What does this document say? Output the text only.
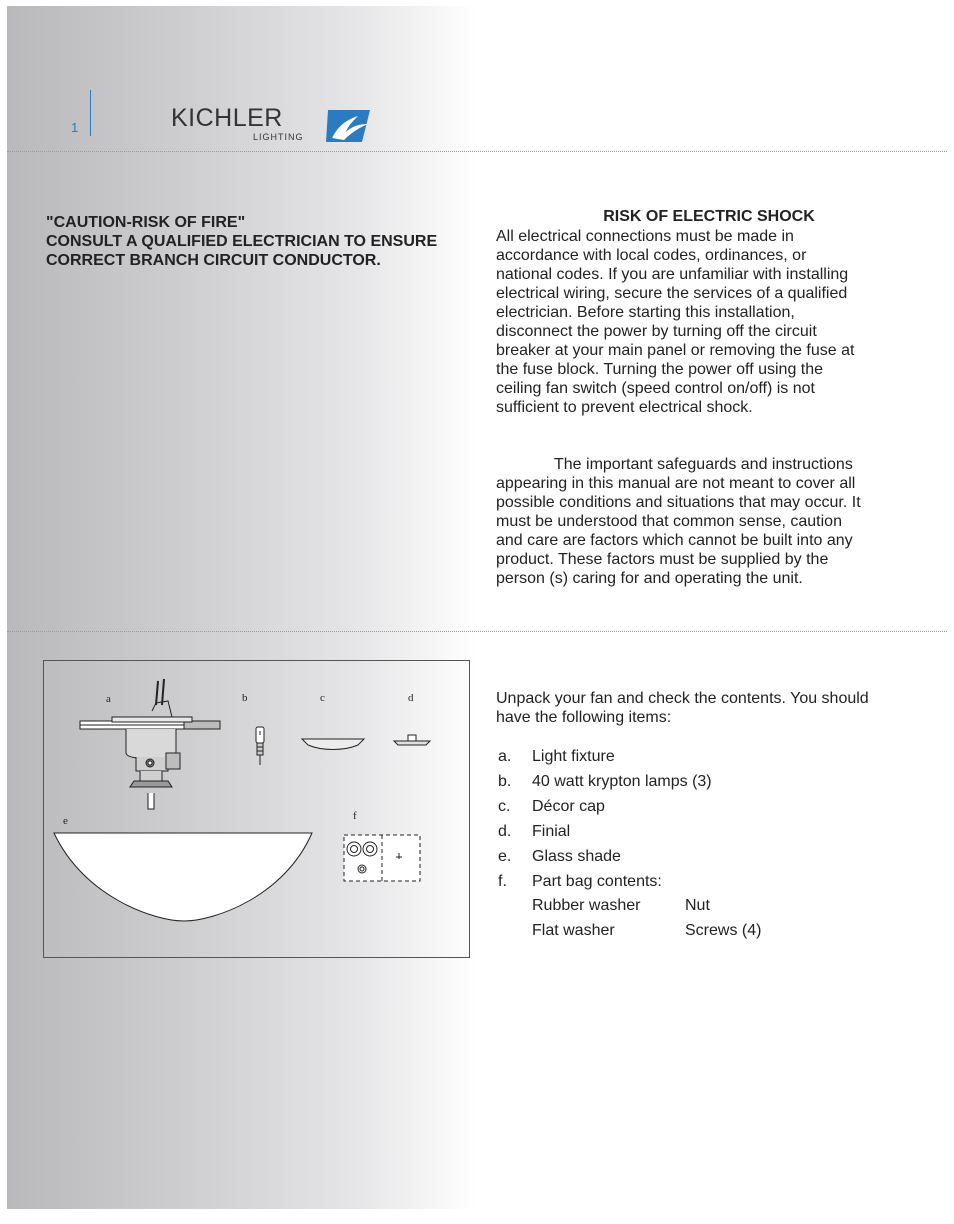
1	KICHLER
LIGHTING
"CAUTION-RISK OF FIRE"
CONSULT A QUALIFIED ELECTRICIAN TO ENSURE
CORRECT BRANCH CIRCUIT CONDUCTOR.
RISK OF ELECTRIC SHOCK
All electrical connections must be made in accordance with local codes, ordinances, or national codes. If you are unfamiliar with installing electrical wiring, secure the services of a qualified electrician. Before starting this installation, disconnect the power by turning off the circuit breaker at your main panel or removing the fuse at the fuse block. Turning the power off using the ceiling fan switch (speed control on/off) is not sufficient to prevent electrical shock.
The important safeguards and instructions appearing in this manual are not meant to cover all possible conditions and situations that may occur. It must be understood that common sense, caution and care are factors which cannot be built into any product. These factors must be supplied by the person (s) caring for and operating the unit.
a	b	c	d
e	f
Unpack your fan and check the contents. You should have the following items:
a. Light fixture
b. 40 watt krypton lamps (3)
c. Décor cap
d. Finial
e. Glass shade
f. Part bag contents:
Rubber washer	Nut
Flat washer	Screws (4)
